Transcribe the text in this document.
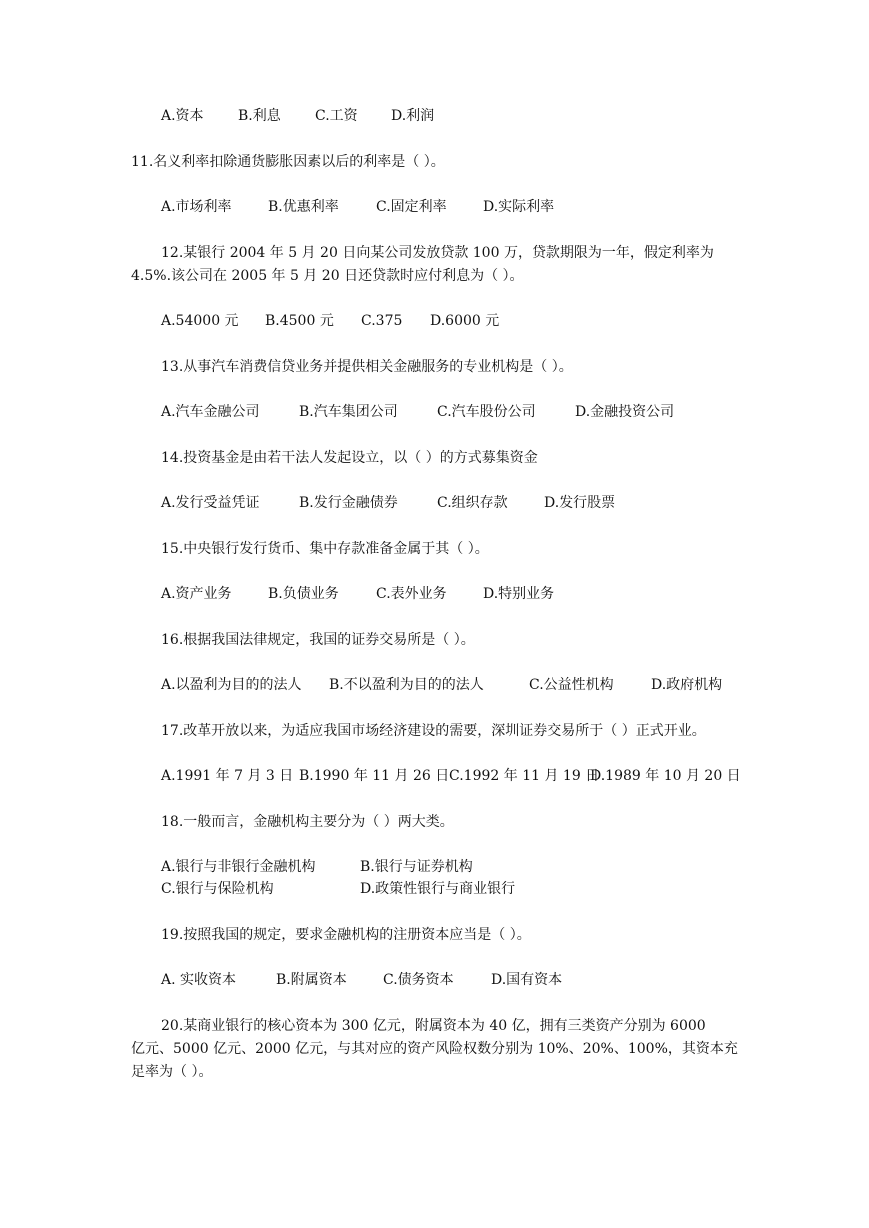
A.资本 B.利息 C.工资 D.利润
11.名义利率扣除通货膨胀因素以后的利率是（ ）。
A.市场利率	B.优惠利率	C.固定利率	D.实际利率
12.某银行 2004 年 5 月 20 日向某公司发放贷款 100 万，贷款期限为一年，假定利率为
4.5%.该公司在 2005 年 5 月 20 日还贷款时应付利息为（ ）。
A.54000 元 B.4500 元 C.375 D.6000 元
13.从事汽车消费信贷业务并提供相关金融服务的专业机构是（ ）。
A.汽车金融公司	B.汽车集团公司	C.汽车股份公司	D.金融投资公司
14.投资基金是由若干法人发起设立，以（ ）的方式募集资金
A.发行受益凭证	B.发行金融债券	C.组织存款	D.发行股票
15.中央银行发行货币、集中存款准备金属于其（ ）。
A.资产业务	B.负债业务	C.表外业务	D.特别业务
16.根据我国法律规定，我国的证券交易所是（ ）。
A.以盈利为目的的法人 B.不以盈利为目的的法人	C.公益性机构	D.政府机构
17.改革开放以来，为适应我国市场经济建设的需要，深圳证券交易所于（ ）正式开业。
A.1991 年 7 月 3 日 B.1990 年 11 月 26 日 C.1992 年 11 月 19 日
D.1989 年 10 月 20 日
18.一般而言，金融机构主要分为（ ）两大类。
A.银行与非银行金融机构	B.银行与证券机构
C.银行与保险机构	D.政策性银行与商业银行
19.按照我国的规定，要求金融机构的注册资本应当是（ ）。
A. 实收资本	B.附属资本	C.债务资本	D.国有资本
20.某商业银行的核心资本为 300 亿元，附属资本为 40 亿，拥有三类资产分别为 6000
亿元、5000 亿元、2000 亿元，与其对应的资产风险权数分别为 10%、20%、100%，其资本充
足率为（ ）。
